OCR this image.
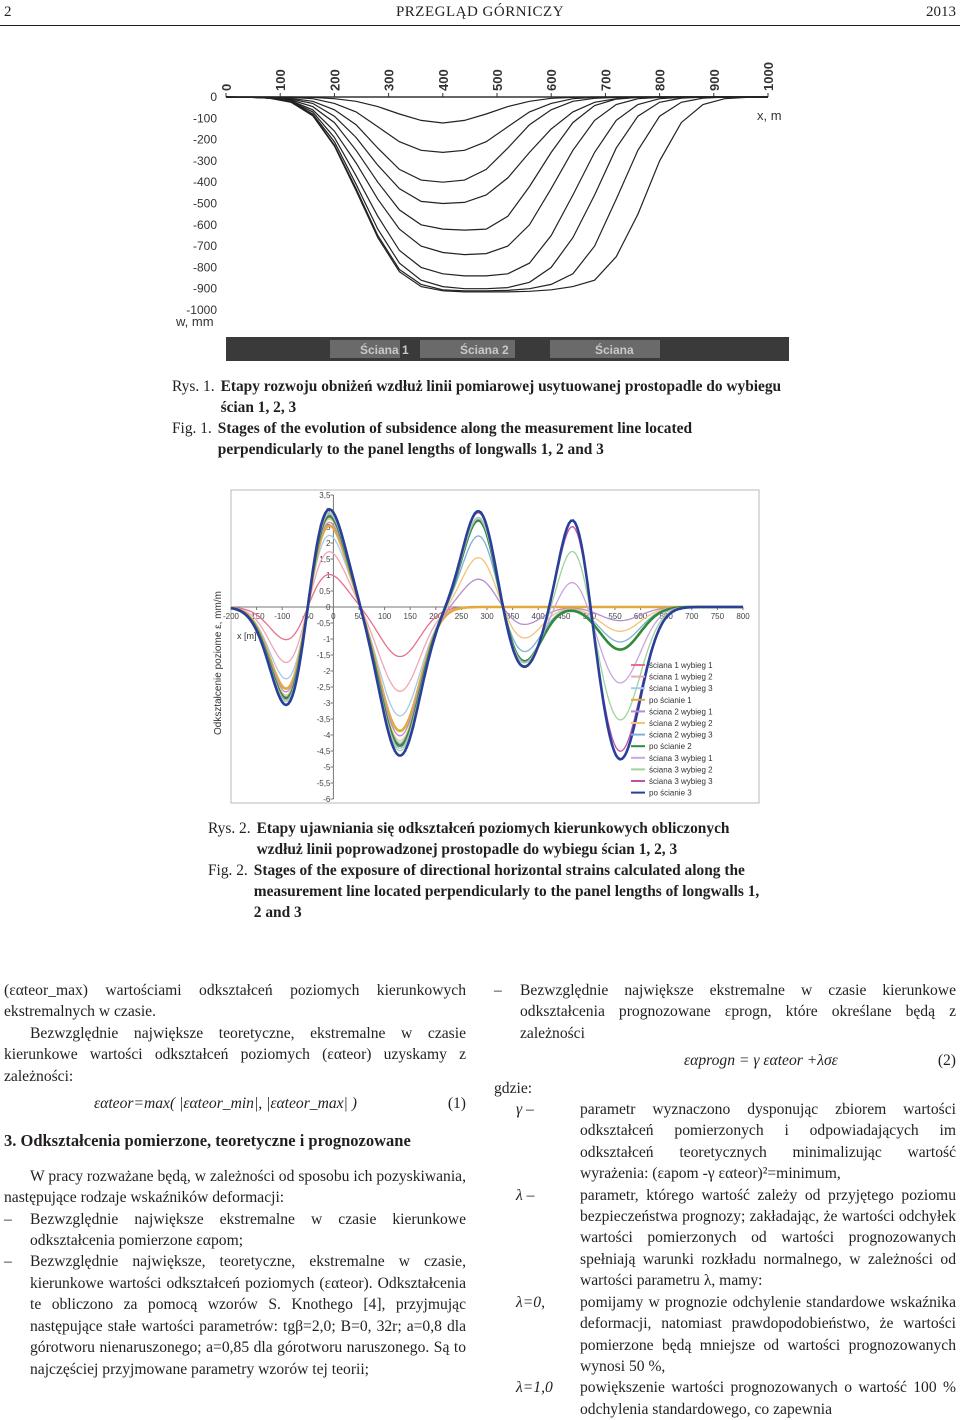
2	PRZEGLĄD GÓRNICZY	2013
0	100	200	300	400	500	600	700	800	900	1000
0
-100
-200
-300
-400
-500
-600
-700
-800
-900
-1000
x, m
w, mm
Ściana 1	Ściana 2	Ściana
Rys. 1. Etapy rozwoju obniżeń wzdłuż linii pomiarowej usytuowanej prostopadle do wybiegu ścian 1, 2, 3
Fig. 1. Stages of the evolution of subsidence along the measurement line located perpendicularly to the panel lengths of longwalls 1, 2 and 3
3,5
3
2,5
2
1,5
1
0,5
0
-0,5
-1
-1,5
-2
-2,5
-3
-3,5
-4
-4,5
-5
-5,5
-6
-200 -150 -100 -50 0 50 100 150 200 250 300 350 400 450 500 550 600 650 700 750 800
x [m]
Odkształcenie poziome ε, mm/m	ściana 1 wybieg 1
ściana 1 wybieg 2
ściana 1 wybieg 3
po ścianie 1
ściana 2 wybieg 1
ściana 2 wybieg 2
ściana 2 wybieg 3
po ścianie 2
ściana 3 wybieg 1
ściana 3 wybieg 2
ściana 3 wybieg 3
po ścianie 3
Rys. 2. Etapy ujawniania się odkształceń poziomych kierunkowych obliczonych wzdłuż linii poprowadzonej prostopadle do wybiegu ścian 1, 2, 3
Fig. 2. Stages of the exposure of directional horizontal strains calculated along the measurement line located perpendicularly to the panel lengths of longwalls 1, 2 and 3

(εαteor_max) wartościami odkształceń poziomych kierunkowych ekstremalnych w czasie.

Bezwzględnie największe teoretyczne, ekstremalne w czasie kierunkowe wartości odkształceń poziomych (εαteor) uzyskamy z zależności:

εαteor=max( |εαteor_min|, |εαteor_max| )	(1)
3. Odkształcenia pomierzone, teoretyczne i prognozowane

W pracy rozważane będą, w zależności od sposobu ich pozyskiwania, następujące rodzaje wskaźników deformacji:

–	Bezwzględnie największe ekstremalne w czasie kierunkowe odkształcenia pomierzone εαpom;
–	Bezwzględnie największe, teoretyczne, ekstremalne w czasie, kierunkowe wartości odkształceń poziomych (εαteor). Odkształcenia te obliczono za pomocą wzorów S. Knothego [4], przyjmując następujące stałe wartości parametrów: tgβ=2,0; B=0, 32r; a=0,8 dla górotworu nienaruszonego; a=0,85 dla górotworu naruszonego. Są to najczęściej przyjmowane parametry wzorów tej teorii;
–	Bezwzględnie największe ekstremalne w czasie kierunkowe odkształcenia prognozowane εprogn, które określane będą z zależności
εαprogn = γ εαteor +λσε	(2)

gdzie:

γ –	parametr wyznaczono dysponując zbiorem wartości odkształceń pomierzonych i odpowiadających im odkształceń teoretycznych minimalizując wartość wyrażenia: (εapom -γ εαteor)²=minimum,
λ –	parametr, którego wartość zależy od przyjętego poziomu bezpieczeństwa prognozy; zakładając, że wartości odchyłek wartości pomierzonych od wartości prognozowanych spełniają warunki rozkładu normalnego, w zależności od wartości parametru λ, mamy:
λ=0,	pomijamy w prognozie odchylenie standardowe wskaźnika deformacji, natomiast prawdopodobieństwo, że wartości pomierzone będą mniejsze od wartości prognozowanych wynosi 50 %,
λ=1,0	powiększenie wartości prognozowanych o wartość 100 % odchylenia standardowego, co zapewnia
